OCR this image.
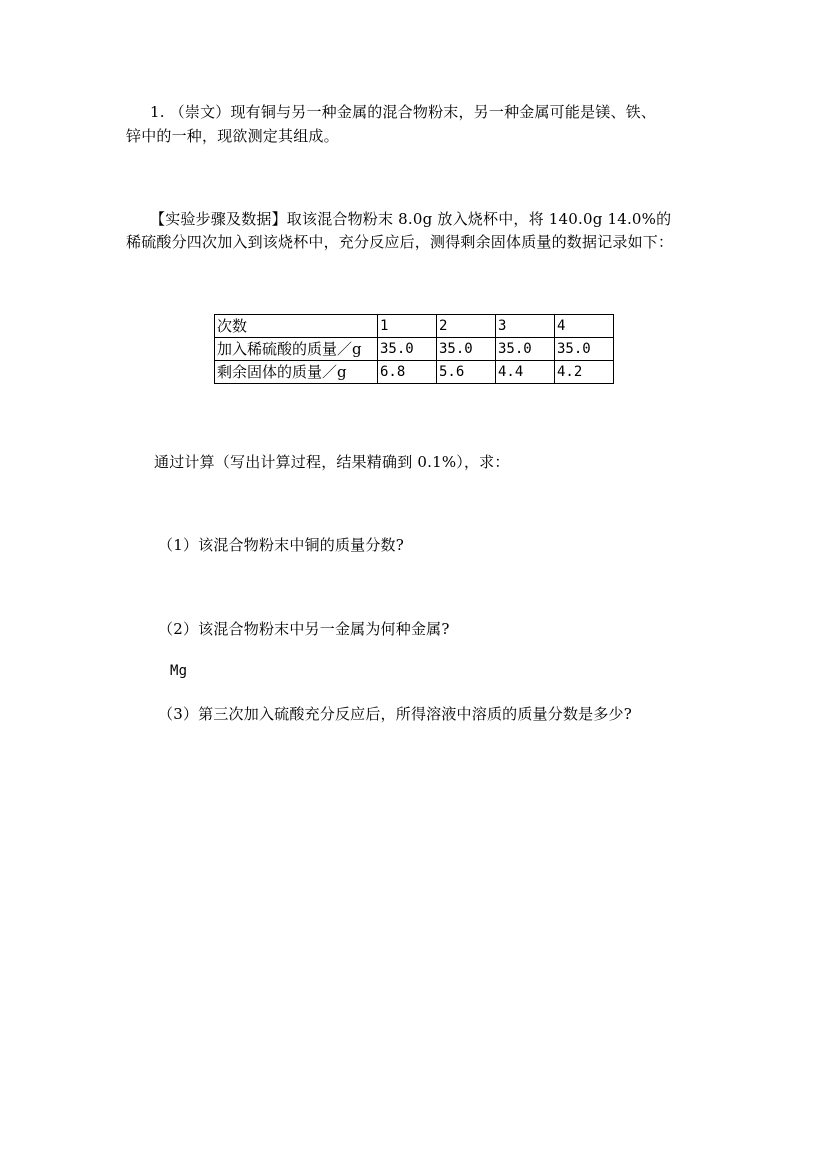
1. （崇文）现有铜与另一种金属的混合物粉末，另一种金属可能是镁、铁、
锌中的一种，现欲测定其组成。
【实验步骤及数据】取该混合物粉末 8.0g 放入烧杯中，将 140.0g 14.0%的
稀硫酸分四次加入到该烧杯中，充分反应后，测得剩余固体质量的数据记录如下：
次数	1	2	3	4
加入稀硫酸的质量／g	35.0	35.0	35.0	35.0
剩余固体的质量／g	6.8	5.6	4.4	4.2
通过计算（写出计算过程，结果精确到 0.1%），求：
（1）该混合物粉末中铜的质量分数?
（2）该混合物粉末中另一金属为何种金属?
Mg
（3）第三次加入硫酸充分反应后，所得溶液中溶质的质量分数是多少?
